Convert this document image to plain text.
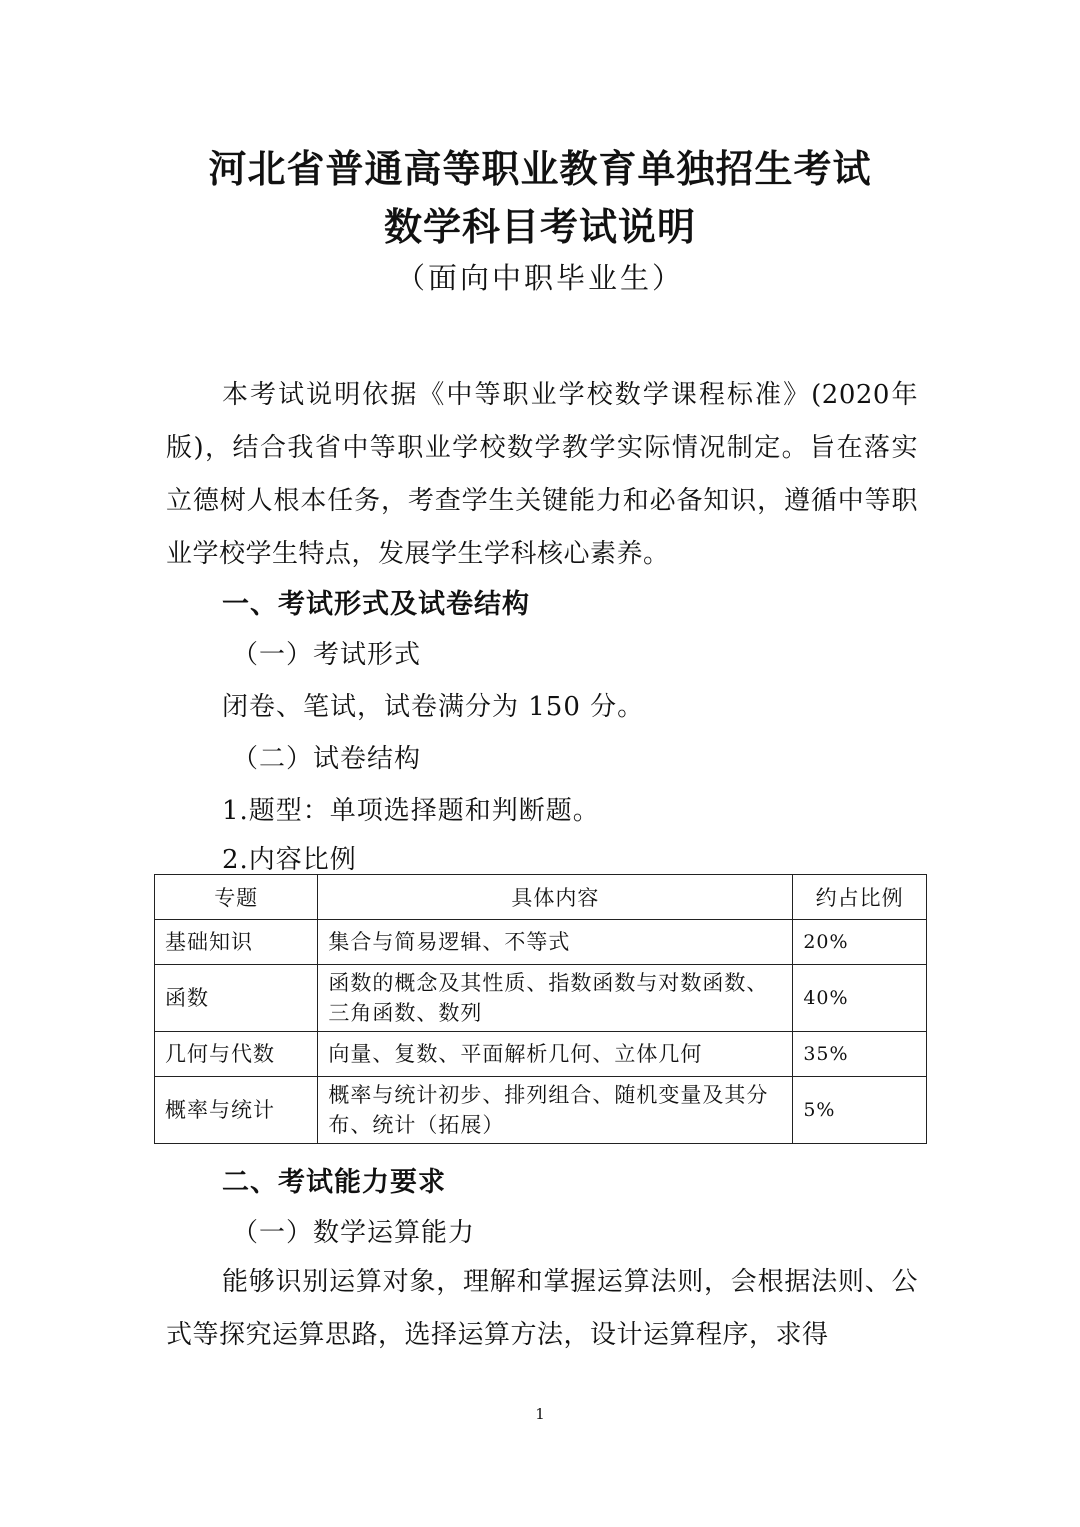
河北省普通高等职业教育单独招生考试
数学科目考试说明
（面向中职毕业生）
本考试说明依据《中等职业学校数学课程标准》(2020年版)，结合我省中等职业学校数学教学实际情况制定。旨在落实立德树人根本任务，考查学生关键能力和必备知识，遵循中等职业学校学生特点，发展学生学科核心素养。
一、考试形式及试卷结构
（一）考试形式
闭卷、笔试，试卷满分为 150 分。
（二）试卷结构
1.题型：单项选择题和判断题。
2.内容比例
专题	具体内容	约占比例
基础知识	集合与简易逻辑、不等式	20%
函数	函数的概念及其性质、指数函数与对数函数、三角函数、数列	40%
几何与代数	向量、复数、平面解析几何、立体几何	35%
概率与统计	概率与统计初步、排列组合、随机变量及其分布、统计（拓展）	5%
二、考试能力要求
（一）数学运算能力
能够识别运算对象，理解和掌握运算法则，会根据法则、公式等探究运算思路，选择运算方法，设计运算程序，求得
1
